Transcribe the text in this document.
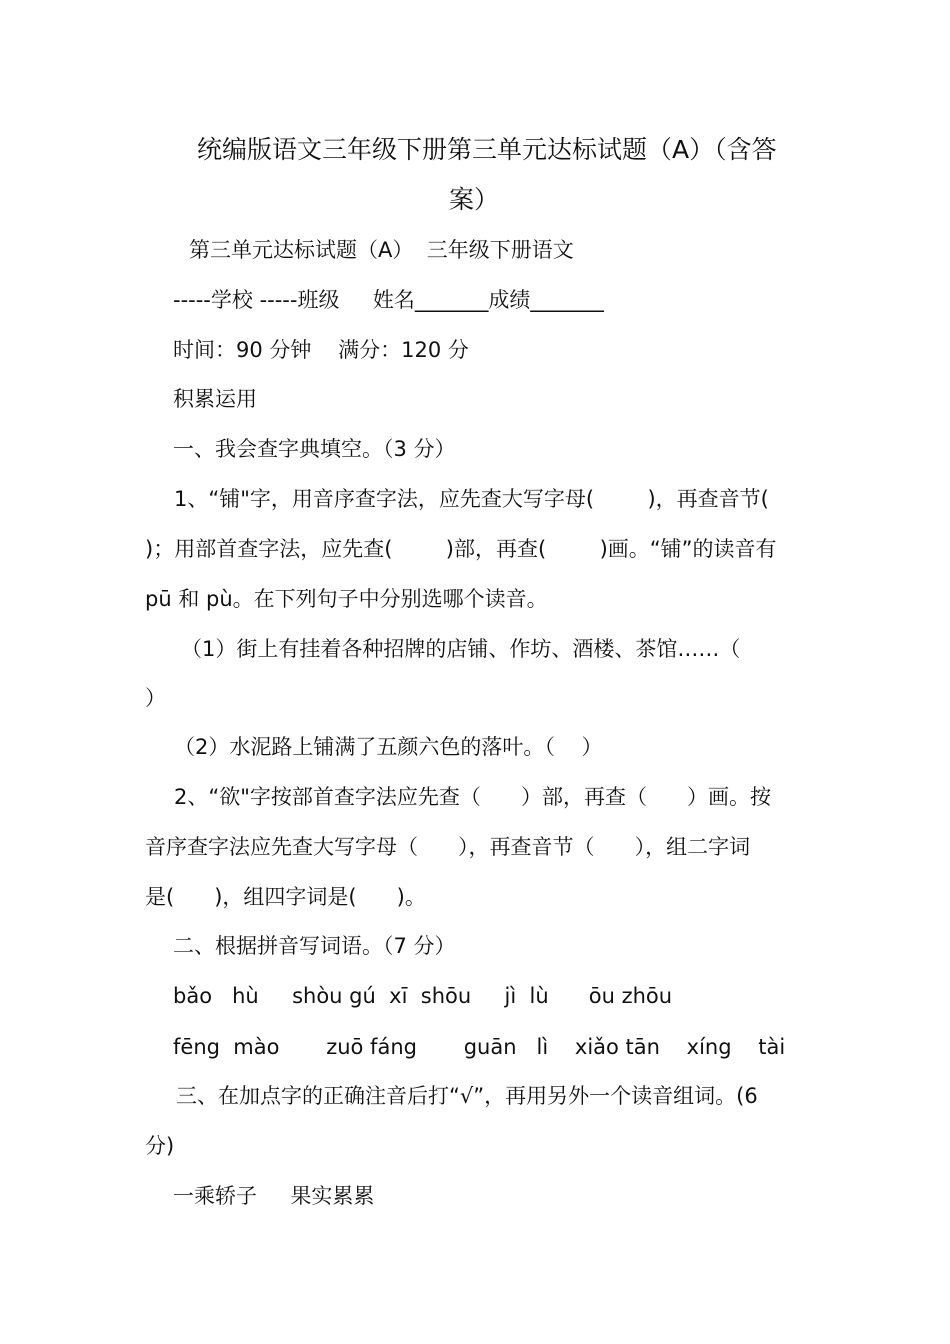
统编版语文三年级下册第三单元达标试题（A）（含答
案）
第三单元达标试题（A）  三年级下册语文
-----学校 -----班级     姓名_______成绩_______
时间：90 分钟    满分：120 分
积累运用
一、我会查字典填空。（3 分）
1、“铺"字，用音序查字法，应先查大写字母(        )，再查音节(
)；用部首查字法，应先查(        )部，再查(        )画。“铺”的读音有
pū 和 pù。在下列句子中分别选哪个读音。
（1）街上有挂着各种招牌的店铺、作坊、酒楼、茶馆……（
）
（2）水泥路上铺满了五颜六色的落叶。（    ）
2、“欲"字按部首查字法应先查（      ）部，再查（      ）画。按
音序查字法应先查大写字母（      ），再查音节（      ），组二字词
是(      )，组四字词是(      )。
二、根据拼音写词语。（7 分）
bǎo   hù     shòu gú  xī  shōu     jì  lù      ōu zhōu
fēng  mào       zuō fáng       guān   lì    xiǎo tān    xíng    tài
三、在加点字的正确注音后打“√”，再用另外一个读音组词。(6
分)
一乘轿子     果实累累
